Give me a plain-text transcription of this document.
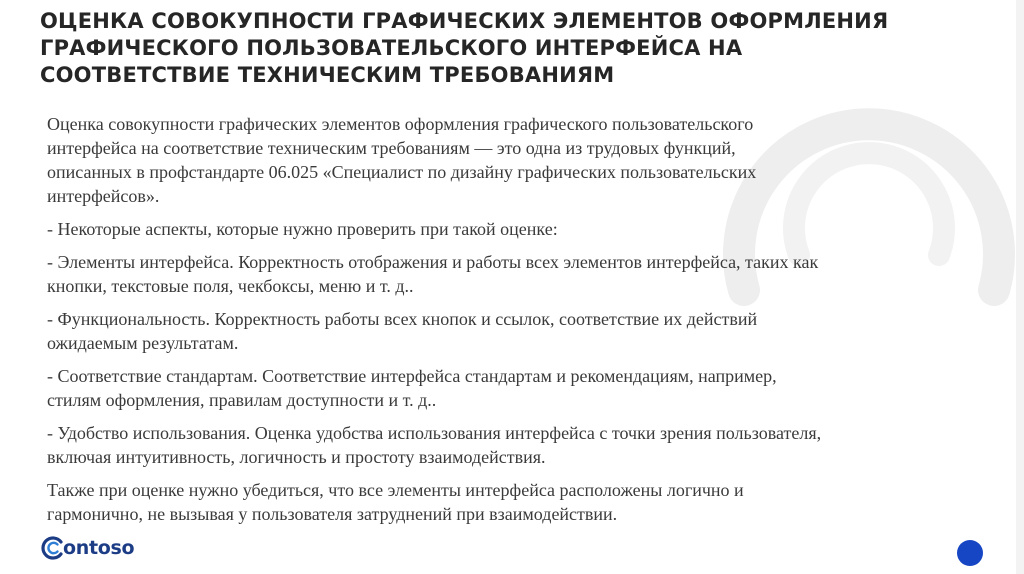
ОЦЕНКА СОВОКУПНОСТИ ГРАФИЧЕСКИХ ЭЛЕМЕНТОВ ОФОРМЛЕНИЯ
ГРАФИЧЕСКОГО ПОЛЬЗОВАТЕЛЬСКОГО ИНТЕРФЕЙСА НА
СООТВЕТСТВИЕ ТЕХНИЧЕСКИМ ТРЕБОВАНИЯМ

Оценка совокупности графических элементов оформления графического пользовательского
интерфейса на соответствие техническим требованиям — это одна из трудовых функций,
описанных в профстандарте 06.025 «Специалист по дизайну графических пользовательских
интерфейсов».

- Некоторые аспекты, которые нужно проверить при такой оценке:

- Элементы интерфейса. Корректность отображения и работы всех элементов интерфейса, таких как
кнопки, текстовые поля, чекбоксы, меню и т. д..

- Функциональность. Корректность работы всех кнопок и ссылок, соответствие их действий
ожидаемым результатам.

- Соответствие стандартам. Соответствие интерфейса стандартам и рекомендациям, например,
стилям оформления, правилам доступности и т. д..

- Удобство использования. Оценка удобства использования интерфейса с точки зрения пользователя,
включая интуитивность, логичность и простоту взаимодействия.

Также при оценке нужно убедиться, что все элементы интерфейса расположены логично и
гармонично, не вызывая у пользователя затруднений при взаимодействии.

ontoso
